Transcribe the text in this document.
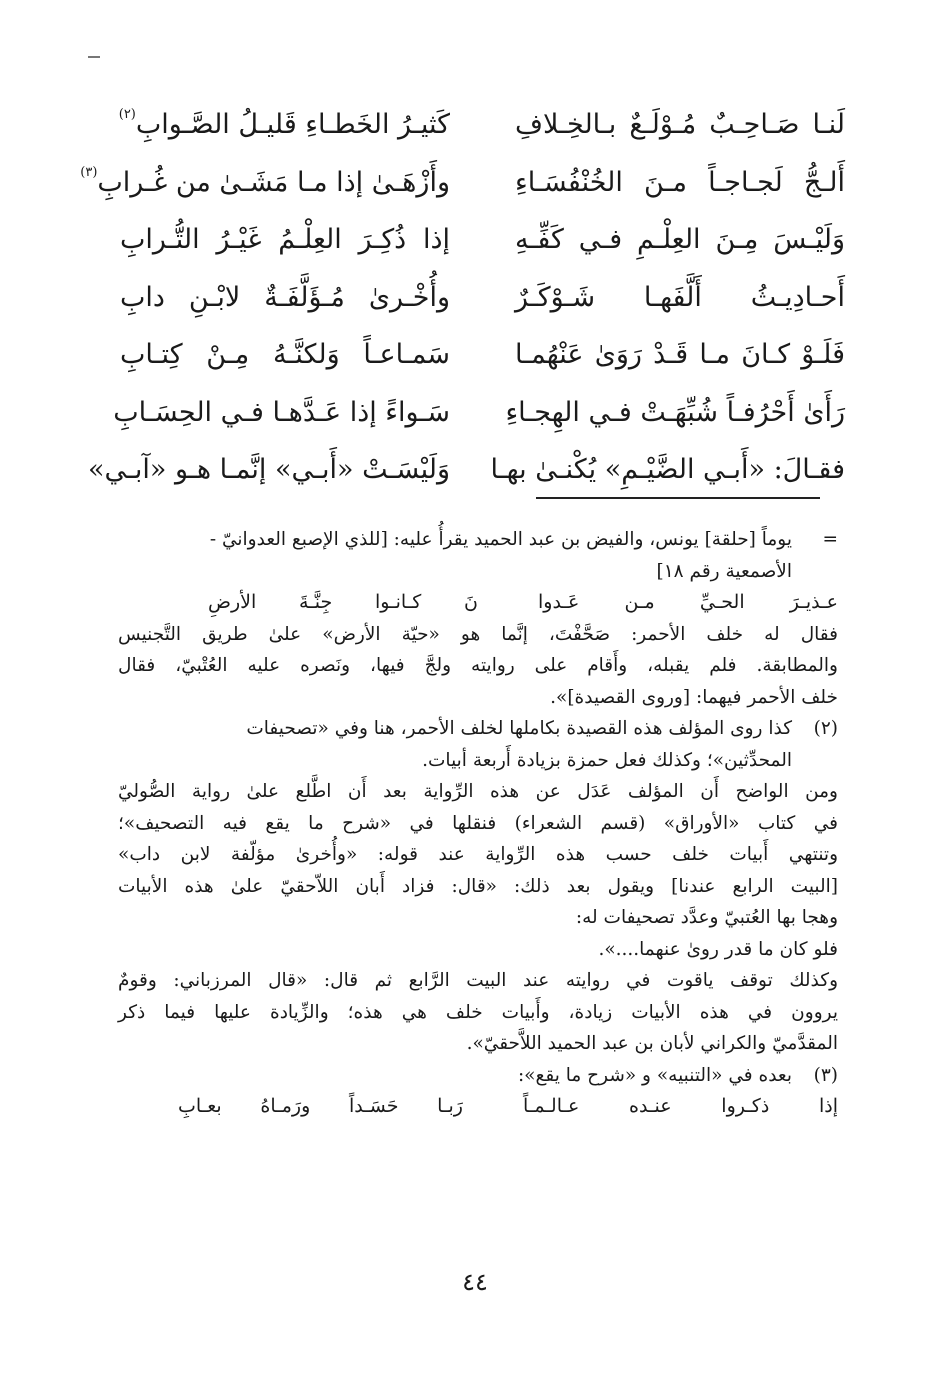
لَنـا صَـاحِـبٌ مُـوْلَـعٌ بـالخِـلافِ
كَثيـرُ الخَطـاءِ قَليـلُ الصَّـوابِ$^{(٢)}$
أَلـجُّ لَجـاجـاً مـنَ الخُنْفُسَـاءِ
وأَزْهَـىٰ إذا مـا مَشَـىٰ من غُـرابِ$^{(٣)}$
وَلَيْـسَ مِـنَ العِلْـمِ فـي كَفِّـهِ
إذا ذُكِـرَ العِلْـمُ غَيْـرُ التُّـرابِ
أَحـادِيـثُ أَلَّفَهـا شَـوْكَـرٌ
وأُخْـرىٰ مُـؤَلَّفَـةٌ لابْـنِ دابِ
فَلَـوْ كـانَ مـا قَـدْ رَوَىٰ عَنْهُمـا
سَمـاعـاً وَلكنَّـهُ مِـنْ كِتـابِ
رَأَىٰ أَحْرُفـاً شُبِّهَـتْ فـي الهِجـاءِ
سَـواءً إذا عَـدَّهـا فـي الحِسَـابِ
فقـالَ: «أَبـي الضَّيْـمِ» يُكْنـىٰ بهـا
وَلَيْسَـتْ «أَبـي» إنَّمـا هـو «آبـي»
=
يوماً [حلقة] يونس، والفيض بن عبد الحميد يقرأُ عليه: [للذي الإصبع العدوانيّ -
الأصمعية رقم ١٨]
عـذيـرَ الحـيِّ مـن عَـدوا
نَ كـانـوا جِنَّـةَ الأرضِ
فقال له خلف الأحمر: صَحَّفْتَ، إنَّما هو «حيّة الأرض» علىٰ طريق التَّجنيس
والمطابقة. فلم يقبله، وأَقام على روايته ولجَّ فيها، ونَصره عليه العُتْبيّ، فقال
خلف الأحمر فيهما: [وروى القصيدة]».
(٢)
كذا روى المؤلف هذه القصيدة بكاملها لخلف الأحمر، هنا وفي «تصحيفات
المحدِّثين»؛ وكذلك فعل حمزة بزيادة أَربعة أبيات.
ومن الواضح أَن المؤلف عَدَل عن هذه الرِّواية بعد أَن اطَّلع علىٰ رواية الصُّوليّ
في كتاب «الأوراق» (قسم الشعراء) فنقلها في «شرح ما يقع فيه التصحيف»؛
وتنتهي أَبيات خلف حسب هذه الرِّواية عند قوله: «وأُخرىٰ مؤلّفة لابن داب»
[البيت الرابع عندنا] ويقول بعد ذلك: «قال: فزاد أَبان اللاّحقيّ علىٰ هذه الأبيات
وهجا بها العُتبيّ وعدَّد تصحيفات له:
فلو كان ما قدر روىٰ عنهما....».
وكذلك توقف ياقوت في روايته عند البيت الرَّابع ثم قال: «قال المرزباني: وقومٌ
يروون في هذه الأبيات زيادة، وأَبيات خلف هي هذه؛ والزِّيادة عليها فيما ذكر
المقدَّميّ والكراني لأبان بن عبد الحميد اللاَّحقيّ».
(٣)
بعده في «التنبيه» و «شرح ما يقع»:
إذا ذكـروا عنـده عـالـمـاً
رَبـا حَسَـداً ورَمـاهُ بعـابِ
٤٤
